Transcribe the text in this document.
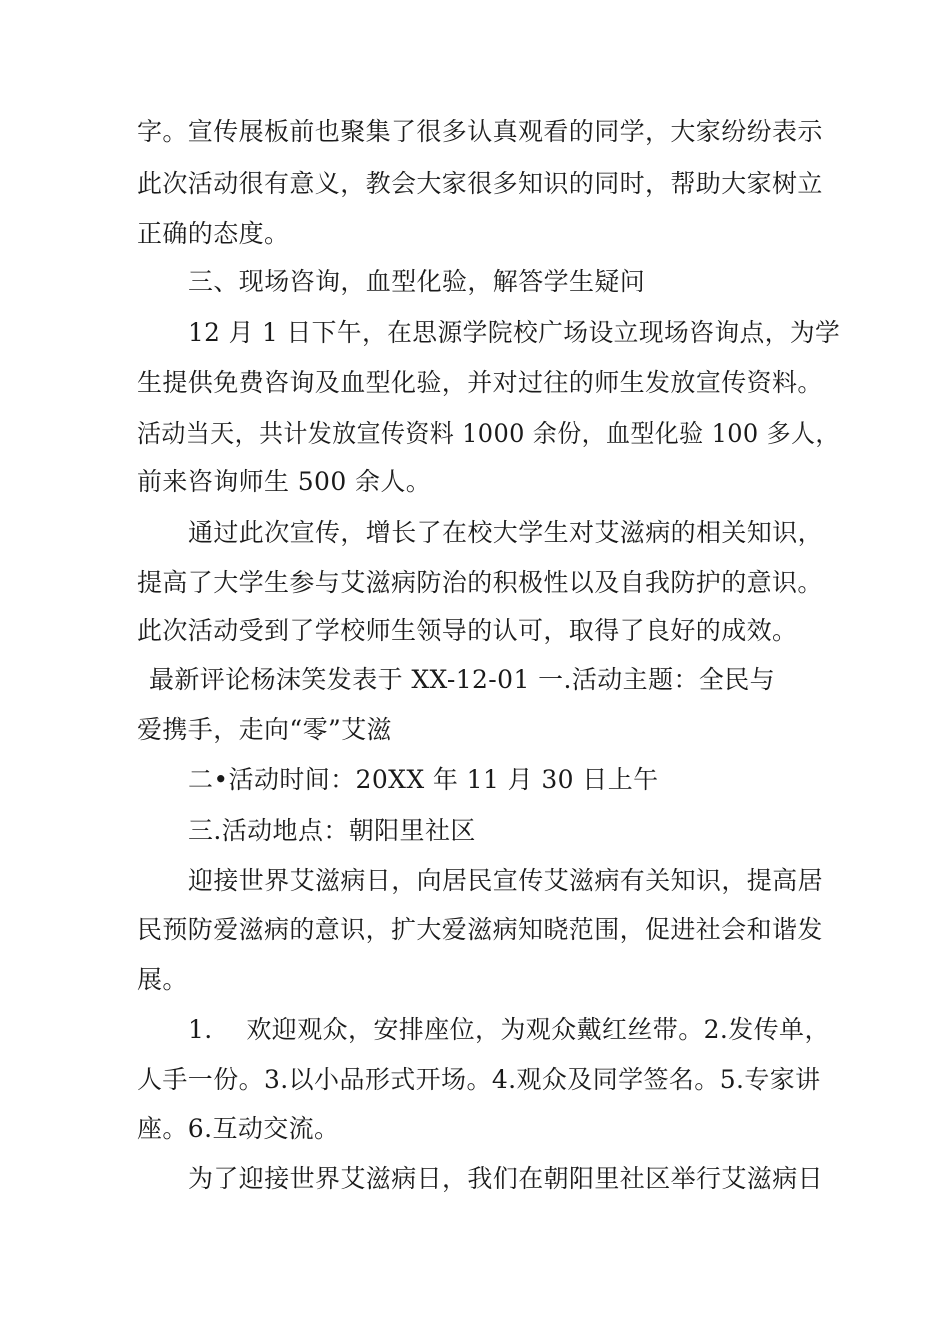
字。宣传展板前也聚集了很多认真观看的同学，大家纷纷表示
此次活动很有意义，教会大家很多知识的同时，帮助大家树立
正确的态度。
三、现场咨询，血型化验，解答学生疑问
12 月 1 日下午，在思源学院校广场设立现场咨询点，为学
生提供免费咨询及血型化验，并对过往的师生发放宣传资料。
活动当天，共计发放宣传资料 1000 余份，血型化验 100 多人，
前来咨询师生 500 余人。
通过此次宣传，增长了在校大学生对艾滋病的相关知识，
提高了大学生参与艾滋病防治的积极性以及自我防护的意识。
此次活动受到了学校师生领导的认可，取得了良好的成效。
最新评论杨沫笑发表于 XX-12-01 一.活动主题：全民与
爱携手，走向“零”艾滋
二•活动时间：20XX 年 11 月 30 日上午
三.活动地点：朝阳里社区
迎接世界艾滋病日，向居民宣传艾滋病有关知识，提高居
民预防爱滋病的意识，扩大爱滋病知晓范围，促进社会和谐发
展。
1.  欢迎观众，安排座位，为观众戴红丝带。2.发传单，
人手一份。3.以小品形式开场。4.观众及同学签名。5.专家讲
座。6.互动交流。
为了迎接世界艾滋病日，我们在朝阳里社区举行艾滋病日
